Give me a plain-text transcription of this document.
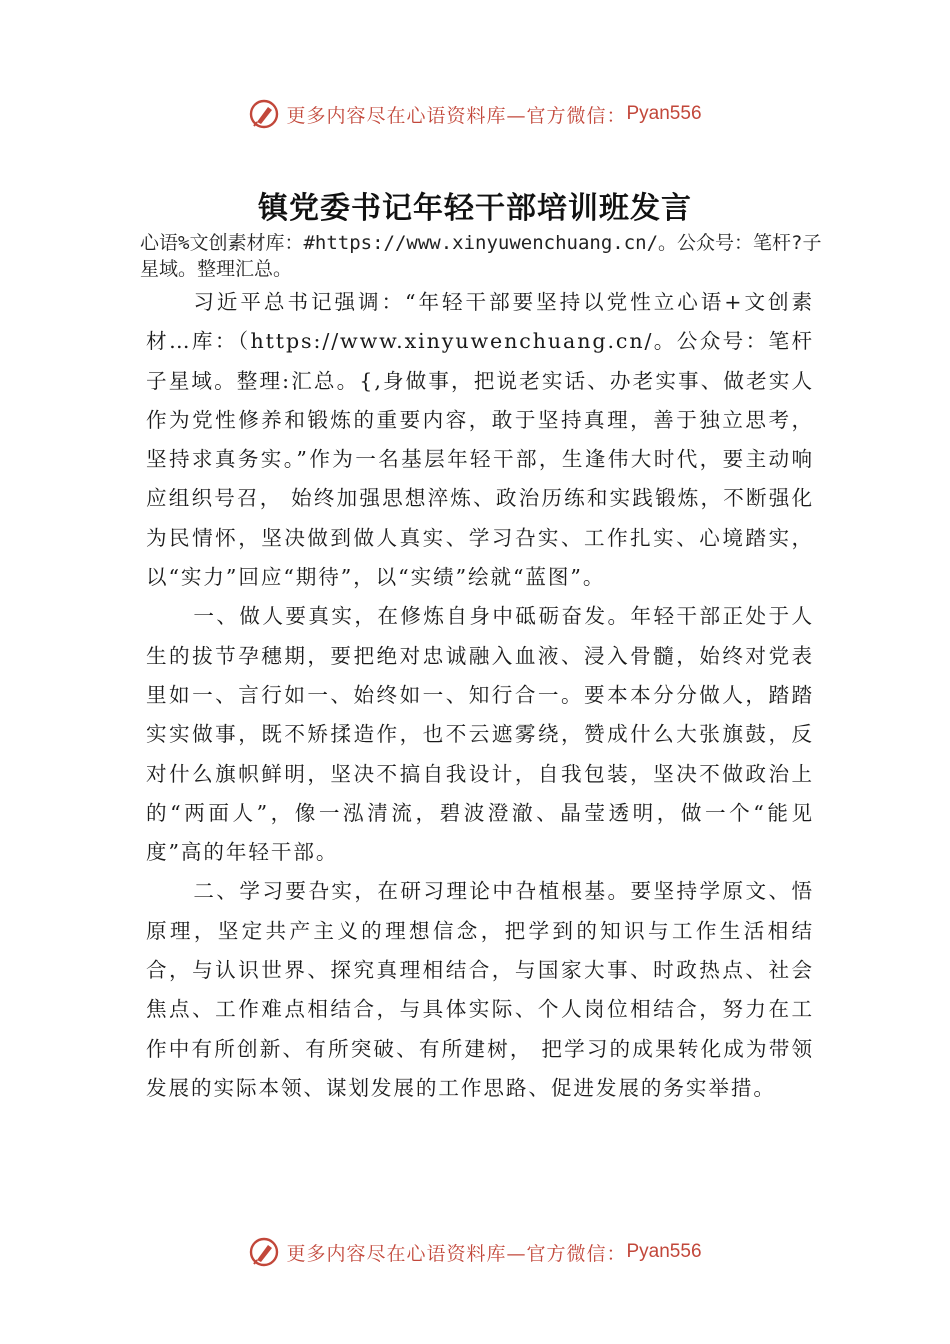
更多内容尽在心语资料库—官方微信： Pyan556
镇党委书记年轻干部培训班发言

心语%文创素材库：#https://www.xinyuwenchuang.cn/。公众号：笔杆?子星域。整理汇总。

习近平总书记强调：“年轻干部要坚持以党性立心语+文创素材…库：（https://www.xinyuwenchuang.cn/。公众号：笔杆子星域。整理:汇总。{,身做事，把说老实话、办老实事、做老实人作为党性修养和锻炼的重要内容，敢于坚持真理，善于独立思考，坚持求真务实。”作为一名基层年轻干部，生逢伟大时代，要主动响应组织号召， 始终加强思想淬炼、政治历练和实践锻炼，不断强化为民情怀，坚决做到做人真实、学习叴实、工作扎实、心境踏实， 以“实力”回应“期待”，以“实绩”绘就“蓝图”。

一、做人要真实，在修炼自身中砥砺奋发。年轻干部正处于人生的拔节孕穗期，要把绝对忠诚融入血液、浸入骨髓，始终对党表里如一、言行如一、始终如一、知行合一。要本本分分做人，踏踏实实做事，既不矫揉造作，也不云遮雾绕，赞成什么大张旗鼓，反对什么旗帜鲜明，坚决不搞自我设计，自我包装，坚决不做政治上的“两面人”，像一泓清流，碧波澄澈、晶莹透明，做一个“能见度”高的年轻干部。

二、学习要叴实，在研习理论中叴植根基。要坚持学原文、悟原理，坚定共产主义的理想信念，把学到的知识与工作生活相结合，与认识世界、探究真理相结合，与国家大事、时政热点、社会焦点、工作难点相结合，与具体实际、个人岗位相结合，努力在工作中有所创新、有所突破、有所建树， 把学习的成果转化成为带领发展的实际本领、谋划发展的工作思路、促进发展的务实举措。

更多内容尽在心语资料库—官方微信： Pyan556
